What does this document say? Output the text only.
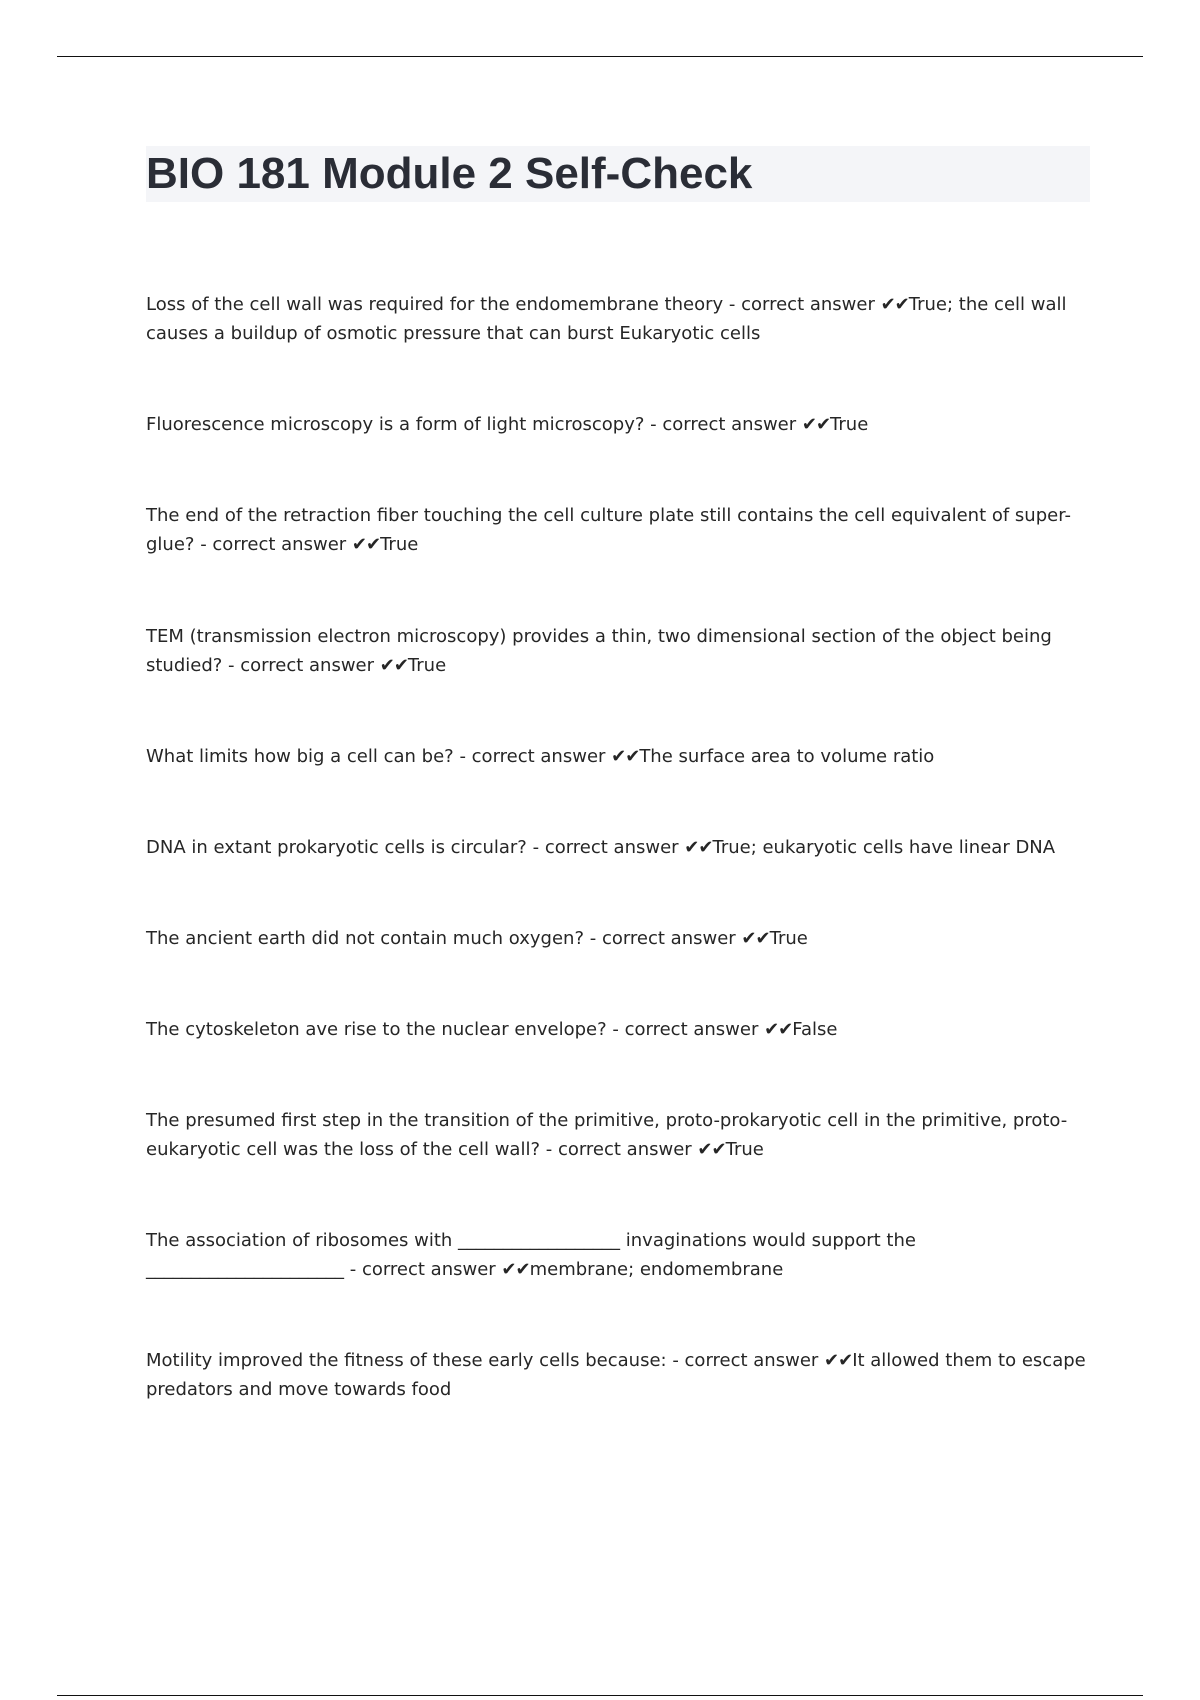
BIO 181 Module 2 Self-Check

Loss of the cell wall was required for the endomembrane theory - correct answer ✔✔True; the cell wall causes a buildup of osmotic pressure that can burst Eukaryotic cells

Fluorescence microscopy is a form of light microscopy? - correct answer ✔✔True

The end of the retraction fiber touching the cell culture plate still contains the cell equivalent of super-glue? - correct answer ✔✔True

TEM (transmission electron microscopy) provides a thin, two dimensional section of the object being studied? - correct answer ✔✔True

What limits how big a cell can be? - correct answer ✔✔The surface area to volume ratio

DNA in extant prokaryotic cells is circular? - correct answer ✔✔True; eukaryotic cells have linear DNA

The ancient earth did not contain much oxygen? - correct answer ✔✔True

The cytoskeleton ave rise to the nuclear envelope? - correct answer ✔✔False

The presumed first step in the transition of the primitive, proto-prokaryotic cell in the primitive, proto-eukaryotic cell was the loss of the cell wall? - correct answer ✔✔True

The association of ribosomes with __________________ invaginations would support the ______________________ - correct answer ✔✔membrane; endomembrane

Motility improved the fitness of these early cells because: - correct answer ✔✔It allowed them to escape predators and move towards food
